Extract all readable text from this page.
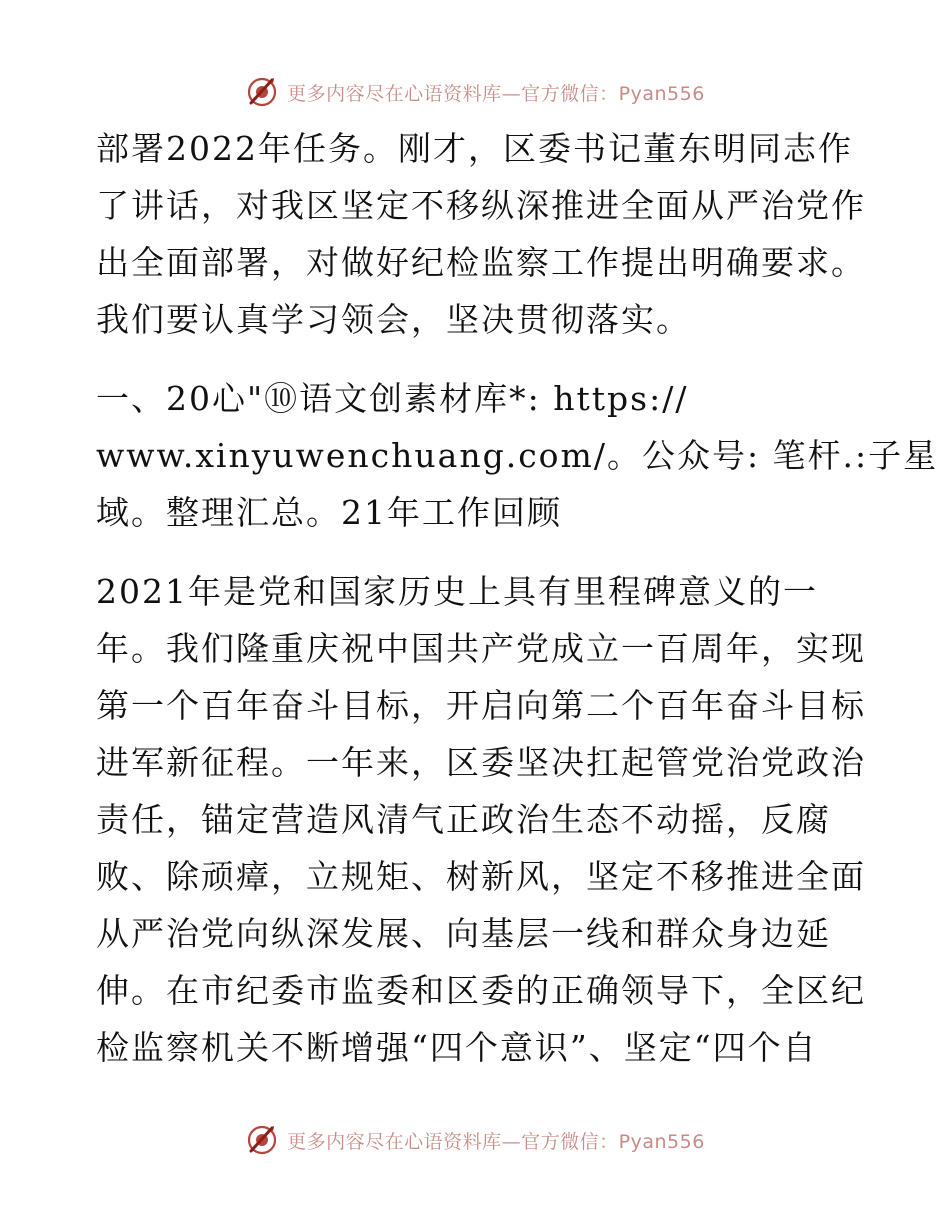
更多内容尽在心语资料库—官方微信：Pyan556

部署2022年任务。刚才，区委书记董东明同志作
了讲话，对我区坚定不移纵深推进全面从严治党作
出全面部署，对做好纪检监察工作提出明确要求。
我们要认真学习领会，坚决贯彻落实。

一、20心"⑩语文创素材库*: https://
www.xinyuwenchuang.com/。公众号: 笔杆.:子星
域。整理汇总。21年工作回顾

2021年是党和国家历史上具有里程碑意义的一
年。我们隆重庆祝中国共产党成立一百周年，实现
第一个百年奋斗目标，开启向第二个百年奋斗目标
进军新征程。一年来，区委坚决扛起管党治党政治
责任，锚定营造风清气正政治生态不动摇，反腐
败、除顽瘴，立规矩、树新风，坚定不移推进全面
从严治党向纵深发展、向基层一线和群众身边延
伸。在市纪委市监委和区委的正确领导下，全区纪
检监察机关不断增强“四个意识”、坚定“四个自

更多内容尽在心语资料库—官方微信：Pyan556
